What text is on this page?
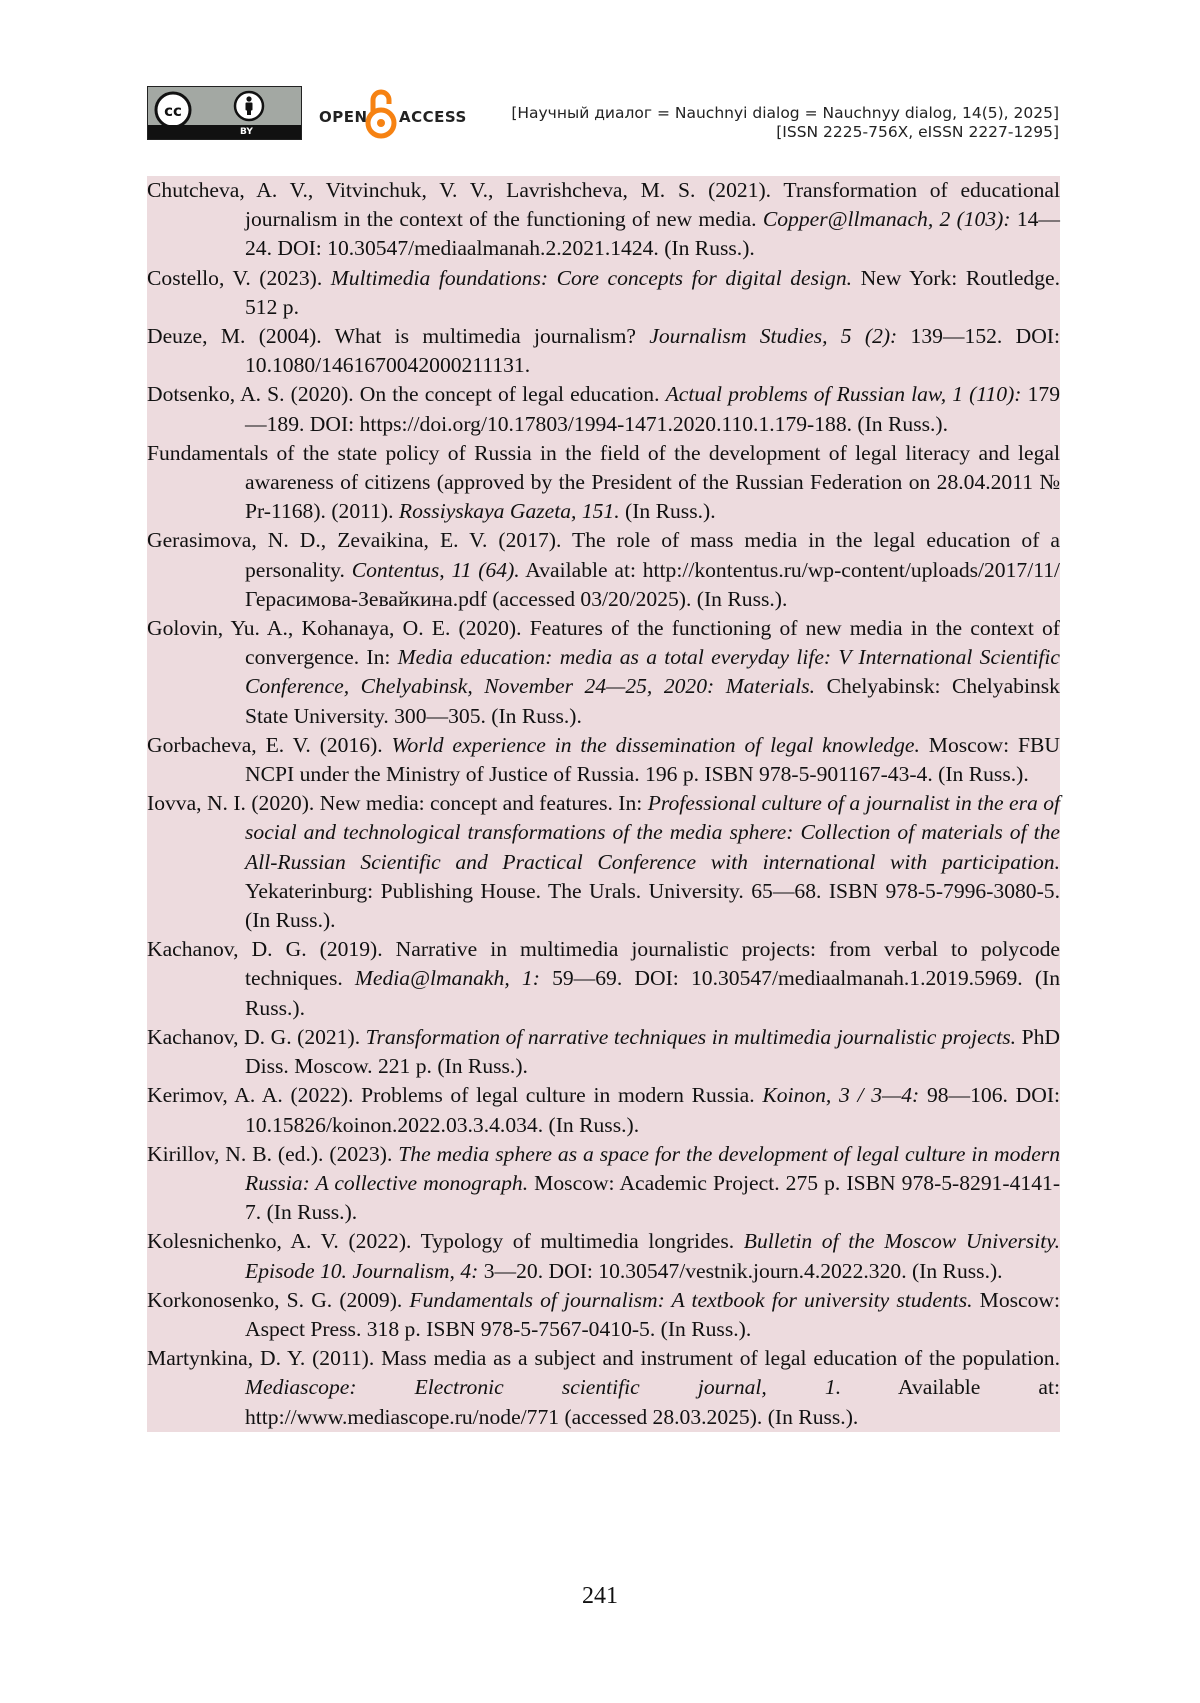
cc
BY
OPEN ACCESS	[Научный диалог = Nauchnyi dialog = Nauchnyy dialog, 14(5), 2025]
[ISSN 2225-756X, eISSN 2227-1295]

Chutcheva, A. V., Vitvinchuk, V. V., Lavrishcheva, M. S. (2021). Transformation of educational journalism in the context of the functioning of new media. Copper@llmanach, 2 (103): 14—24. DOI: 10.30547/mediaalmanah.2.2021.1424. (In Russ.).

Costello, V. (2023). Multimedia foundations: Core concepts for digital design. New York: Routledge. 512 p.

Deuze, M. (2004). What is multimedia journalism? Journalism Studies, 5 (2): 139—152. DOI: 10.1080/1461670042000211131.

Dotsenko, A. S. (2020). On the concept of legal education. Actual problems of Russian law, 1 (110): 179—189. DOI: https://doi.org/10.17803/1994-1471.2020.110.1.179-188. (In Russ.).

Fundamentals of the state policy of Russia in the field of the development of legal literacy and legal awareness of citizens (approved by the President of the Russian Federation on 28.04.2011 № Pr-1168). (2011). Rossiyskaya Gazeta, 151. (In Russ.).

Gerasimova, N. D., Zevaikina, E. V. (2017). The role of mass media in the legal education of a personality. Contentus, 11 (64). Available at: http://kontentus.ru/wp-content/uploads/2017/11/Герасимова-Зевайкина.pdf (accessed 03/20/2025). (In Russ.).

Golovin, Yu. A., Kohanaya, O. E. (2020). Features of the functioning of new media in the context of convergence. In: Media education: media as a total everyday life: V International Scientific Conference, Chelyabinsk, November 24—25, 2020: Materials. Chelyabinsk: Chelyabinsk State University. 300—305. (In Russ.).

Gorbacheva, E. V. (2016). World experience in the dissemination of legal knowledge. Moscow: FBU NCPI under the Ministry of Justice of Russia. 196 p. ISBN 978-5-901167-43-4. (In Russ.).

Iovva, N. I. (2020). New media: concept and features. In: Professional culture of a journalist in the era of social and technological transformations of the media sphere: Collection of materials of the All-Russian Scientific and Practical Conference with international with participation. Yekaterinburg: Publishing House. The Urals. University. 65—68. ISBN 978-5-7996-3080-5. (In Russ.).

Kachanov, D. G. (2019). Narrative in multimedia journalistic projects: from verbal to polycode techniques. Media@lmanakh, 1: 59—69. DOI: 10.30547/mediaalmanah.1.2019.5969. (In Russ.).

Kachanov, D. G. (2021). Transformation of narrative techniques in multimedia journalistic projects. PhD Diss. Moscow. 221 p. (In Russ.).

Kerimov, A. A. (2022). Problems of legal culture in modern Russia. Koinon, 3 / 3—4: 98—106. DOI: 10.15826/koinon.2022.03.3.4.034. (In Russ.).

Kirillov, N. B. (ed.). (2023). The media sphere as a space for the development of legal culture in modern Russia: A collective monograph. Moscow: Academic Project. 275 p. ISBN 978-5-8291-4141-7. (In Russ.).

Kolesnichenko, A. V. (2022). Typology of multimedia longrides. Bulletin of the Moscow University. Episode 10. Journalism, 4: 3—20. DOI: 10.30547/vestnik.journ.4.2022.320. (In Russ.).

Korkonosenko, S. G. (2009). Fundamentals of journalism: A textbook for university students. Moscow: Aspect Press. 318 p. ISBN 978-5-7567-0410-5. (In Russ.).

Martynkina, D. Y. (2011). Mass media as a subject and instrument of legal education of the population. Mediascope: Electronic scientific journal, 1. Available at: http://www.mediascope.ru/node/771 (accessed 28.03.2025). (In Russ.).

241
